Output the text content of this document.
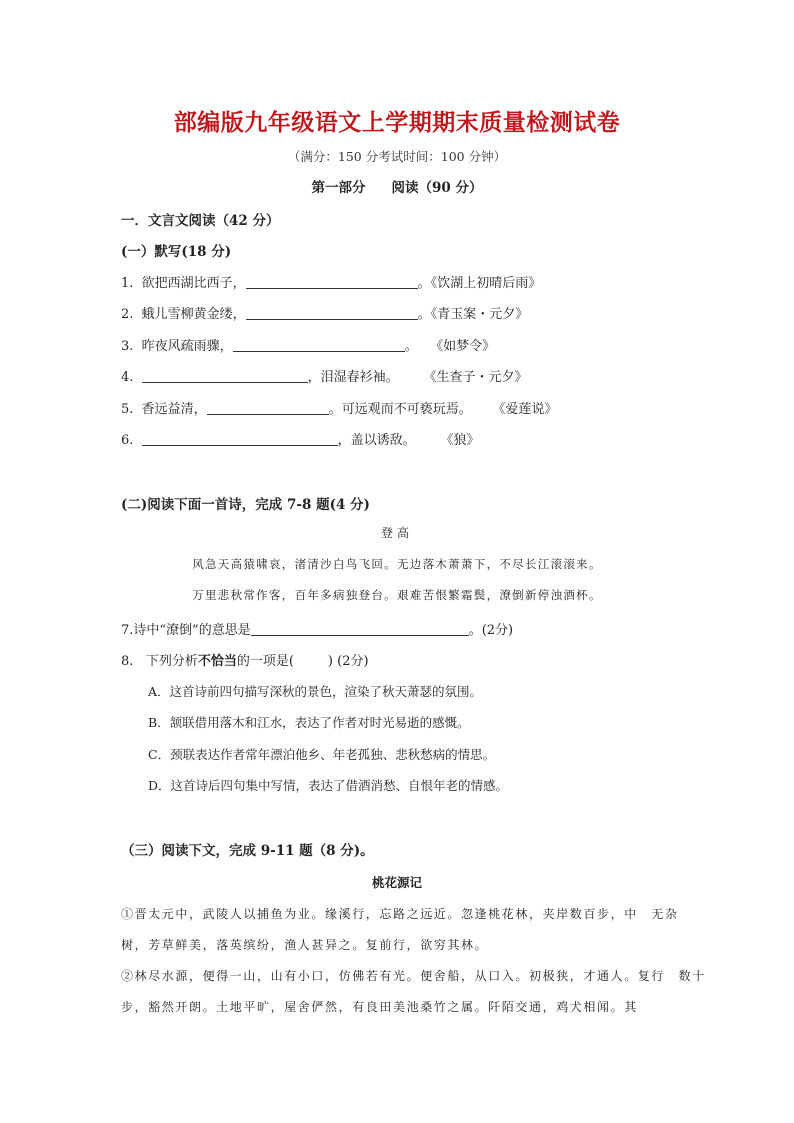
部编版九年级语文上学期期末质量检测试卷
（满分：150 分考试时间：100 分钟）
第一部分 阅读（90 分）
一．文言文阅读（42 分）
(一）默写(18 分)
1. 欲把西湖比西子，	。《饮湖上初晴后雨》
2. 蛾儿雪柳黄金缕，	。《青玉案・元夕》
3. 昨夜风疏雨骤，	。 《如梦令》
4.	，泪湿春衫袖。 《生查子・元夕》
5. 香远益清，	。可远观而不可亵玩焉。 《爱莲说》
6.	，盖以诱敌。 《狼》
(二)阅读下面一首诗，完成 7-8 题(4 分)
登高
风急天高猿啸哀，渚清沙白鸟飞回。无边落木萧萧下，不尽长江滚滚来。
万里悲秋常作客，百年多病独登台。艰难苦恨繁霜鬓，潦倒新停浊酒杯。
7.诗中“潦倒”的意思是	。(2分)
8. 下列分析不恰当的一项是(	) (2分)
A．这首诗前四句描写深秋的景色，渲染了秋天萧瑟的氛围。
B．颔联借用落木和江水，表达了作者对时光易逝的感慨。
C．颈联表达作者常年漂泊他乡、年老孤独、悲秋愁病的情思。
D．这首诗后四句集中写情，表达了借酒消愁、自恨年老的情感。
（三）阅读下文，完成 9-11 题（8 分)。
桃花源记
①晋太元中，武陵人以捕鱼为业。缘溪行，忘路之远近。忽逢桃花林，夹岸数百步，中　无杂
树，芳草鲜美，落英缤纷，渔人甚异之。复前行，欲穷其林。
②林尽水源，便得一山，山有小口，仿佛若有光。便舍船，从口入。初极狭，才通人。复行　数十
步，豁然开朗。土地平旷，屋舍俨然，有良田美池桑竹之属。阡陌交通，鸡犬相闻。其
